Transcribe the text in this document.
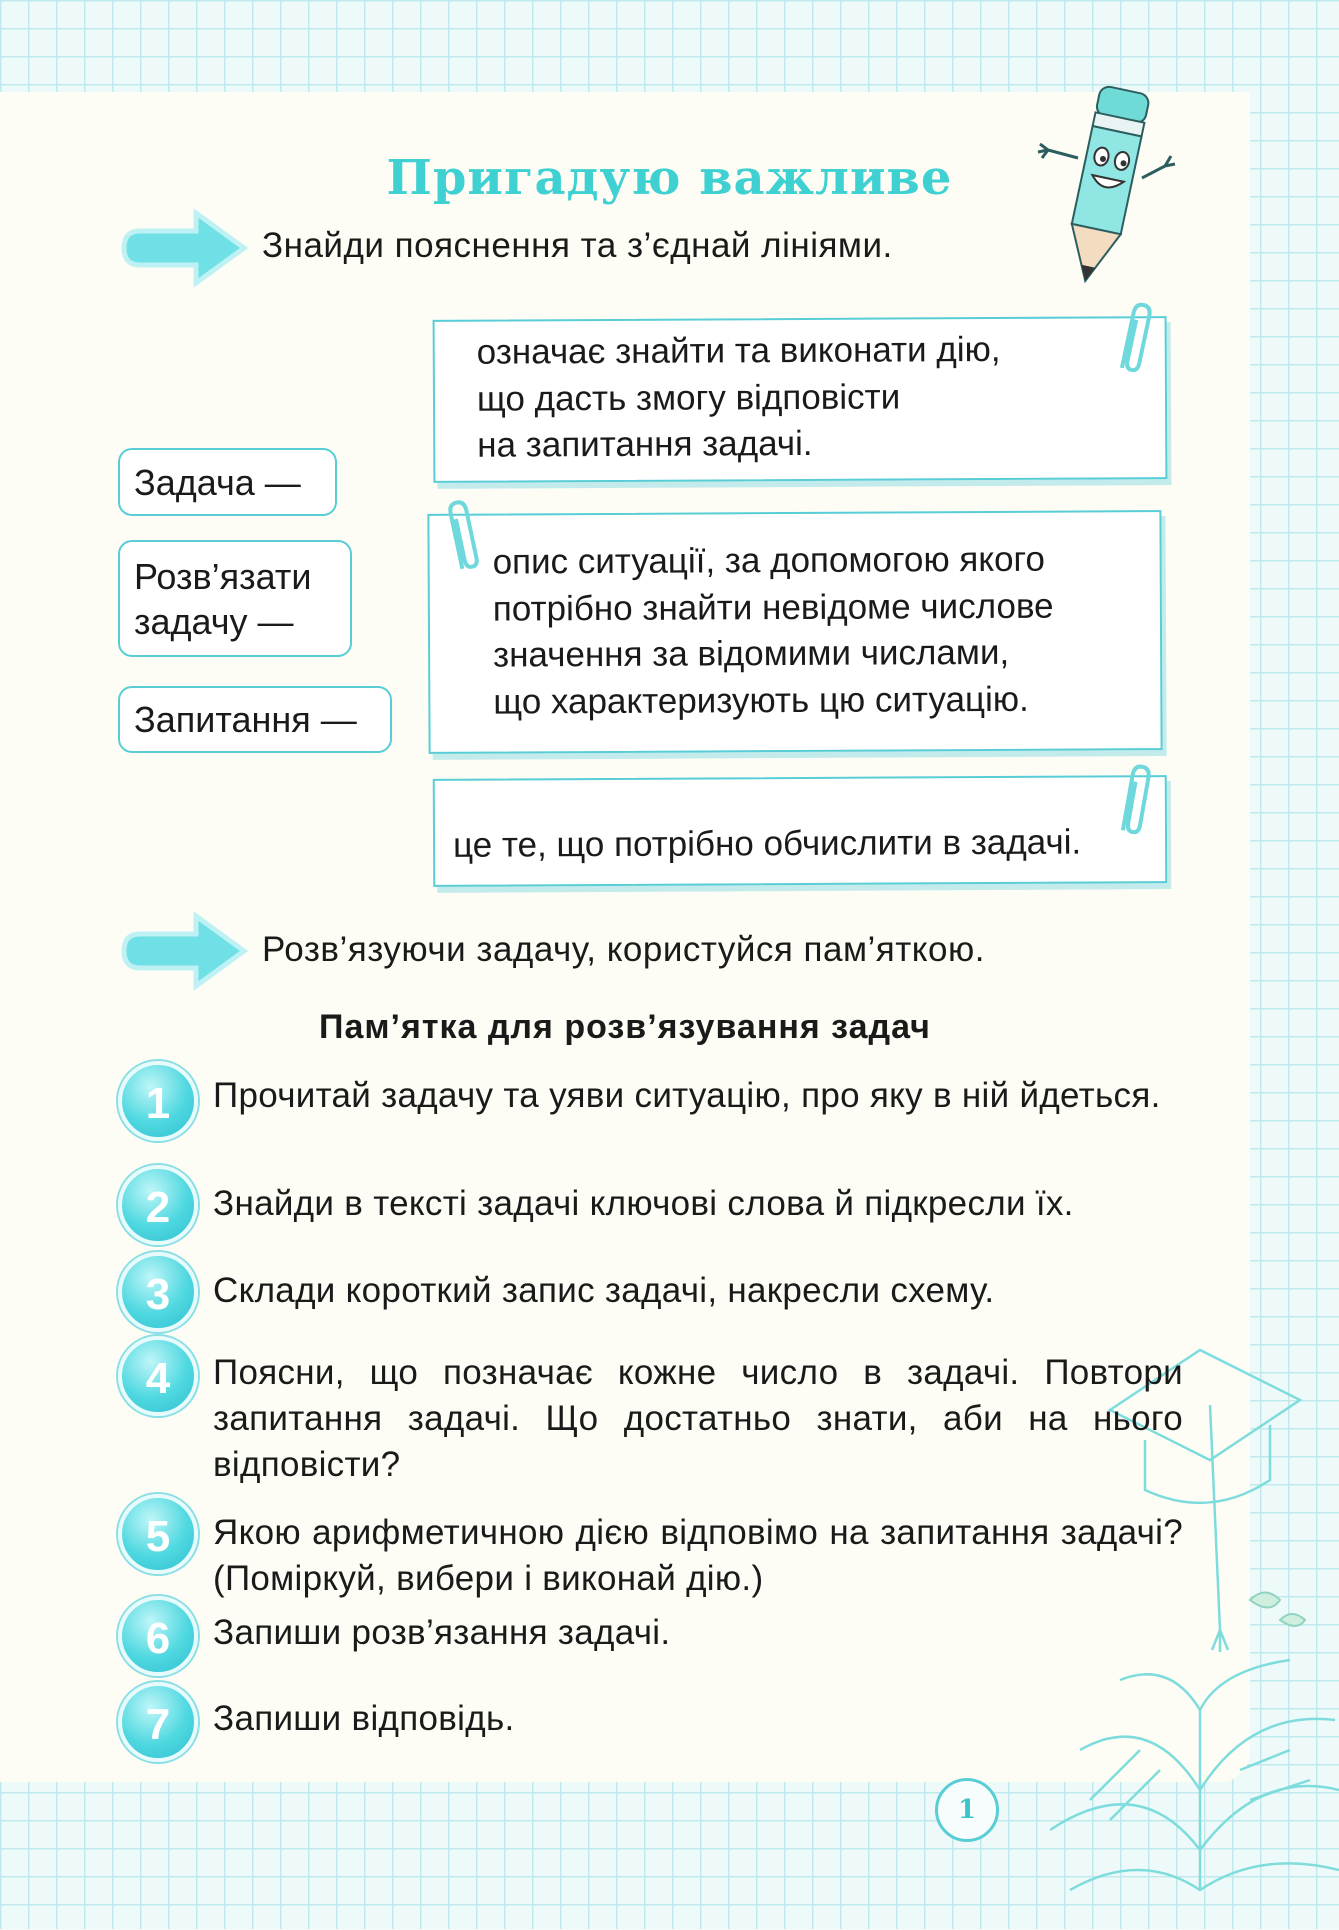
Пригадую важливе
Знайди пояснення та з’єднай лініями.
Задача —
Розв’язати
задачу —
Запитання —
означає знайти та виконати дію,
що дасть змогу відповісти
на запитання задачі.
опис ситуації, за допомогою якого
потрібно знайти невідоме числове
значення за відомими числами,
що характеризують цю ситуацію.
це те, що потрібно обчислити в задачі.
Розв’язуючи задачу, користуйся пам’яткою.
Пам’ятка для розв’язування задач
1	Прочитай задачу та уяви ситуацію, про яку в ній йдеться.
2	Знайди в тексті задачі ключові слова й підкресли їх.
3	Склади короткий запис задачі, накресли схему.
4	Поясни, що позначає кожне число в задачі. Повтори запитання задачі. Що достатньо знати, аби на нього відповісти?
5	Якою арифметичною дією відповімо на запитання задачі? (Поміркуй, вибери і виконай дію.)
6	Запиши розв’язання задачі.
7	Запиши відповідь.
1
